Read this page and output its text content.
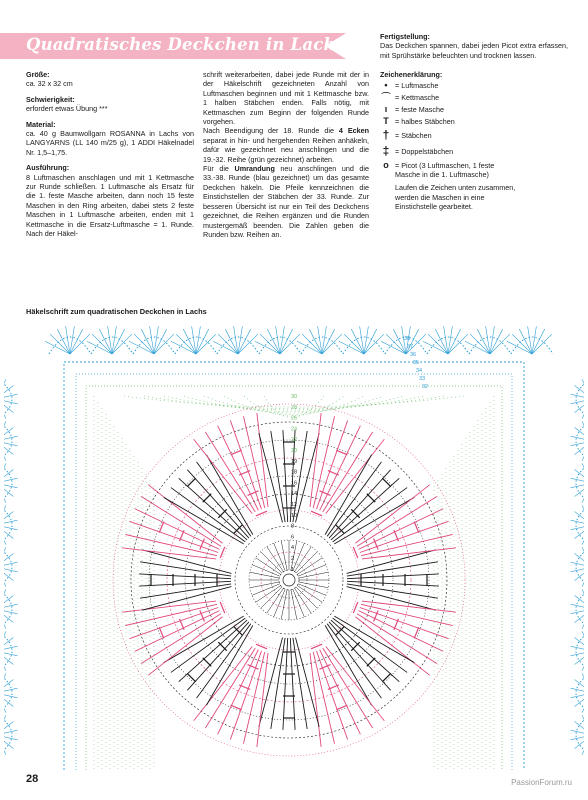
Quadratisches Deckchen in Lachs
Größe:

ca. 32 x 32 cm

Schwierigkeit:

erfordert etwas Übung ***

Material:

ca. 40 g Baumwollgarn ROSANNA in Lachs von LANGYARNS (LL 140 m/25 g), 1 ADDI Häkelnadel Nr. 1,5–1,75.

Ausführung:

8 Luftmaschen anschlagen und mit 1 Kettmasche zur Runde schließen. 1 Luftmasche als Ersatz für die 1. feste Masche arbeiten, dann noch 15 feste Maschen in den Ring arbeiten, dabei stets 2 feste Maschen in 1 Luftmasche arbeiten, enden mit 1 Kettmasche in die Ersatz-Luftmasche = 1. Runde. Nach der Häkel-

schrift weiterarbeiten, dabei jede Runde mit der in der Häkelschrift gezeichneten Anzahl von Luftmaschen beginnen und mit 1 Kettmasche bzw. 1 halben Stäbchen enden. Falls nötig, mit Kettmaschen zum Beginn der folgenden Runde vorgehen.

Nach Beendigung der 18. Runde die 4 Ecken separat in hin- und hergehenden Reihen anhäkeln, dafür wie gezeichnet neu anschlingen und die 19.-32. Reihe (grün gezeichnet) arbeiten.

Für die Umrandung neu anschlingen und die 33.-38. Runde (blau gezeichnet) um das gesamte Deckchen häkeln. Die Pfeile kennzeichnen die Einstichstellen der Stäbchen der 33. Runde. Zur besseren Übersicht ist nur ein Teil des Deckchens gezeichnet, die Reihen ergänzen und die Runden mustergemäß beenden. Die Zahlen geben die Runden bzw. Reihen an.

Fertigstellung:

Das Deckchen spannen, dabei jeden Picot extra erfassen, mit Sprühstärke befeuchten und trocknen lassen.

Zeichenerklärung:
•	= Luftmasche
⌒ = Kettmasche
ı	= feste Masche
T = halbes Stäbchen
† = Stäbchen
‡ = Doppelstäbchen
o = Picot (3 Luftmaschen, 1 feste Masche in die 1. Luftmasche)

Laufen die Zeichen unten zusammen, werden die Maschen in eine Einstichstelle gearbeitet.

Häkelschrift zum quadratischen Deckchen in Lachs
38
37
36
35
34
33
32
30
28
26
24
22
20
19
18
16
14
12
10
8
6
4
2
1
28	PassionForum.ru
